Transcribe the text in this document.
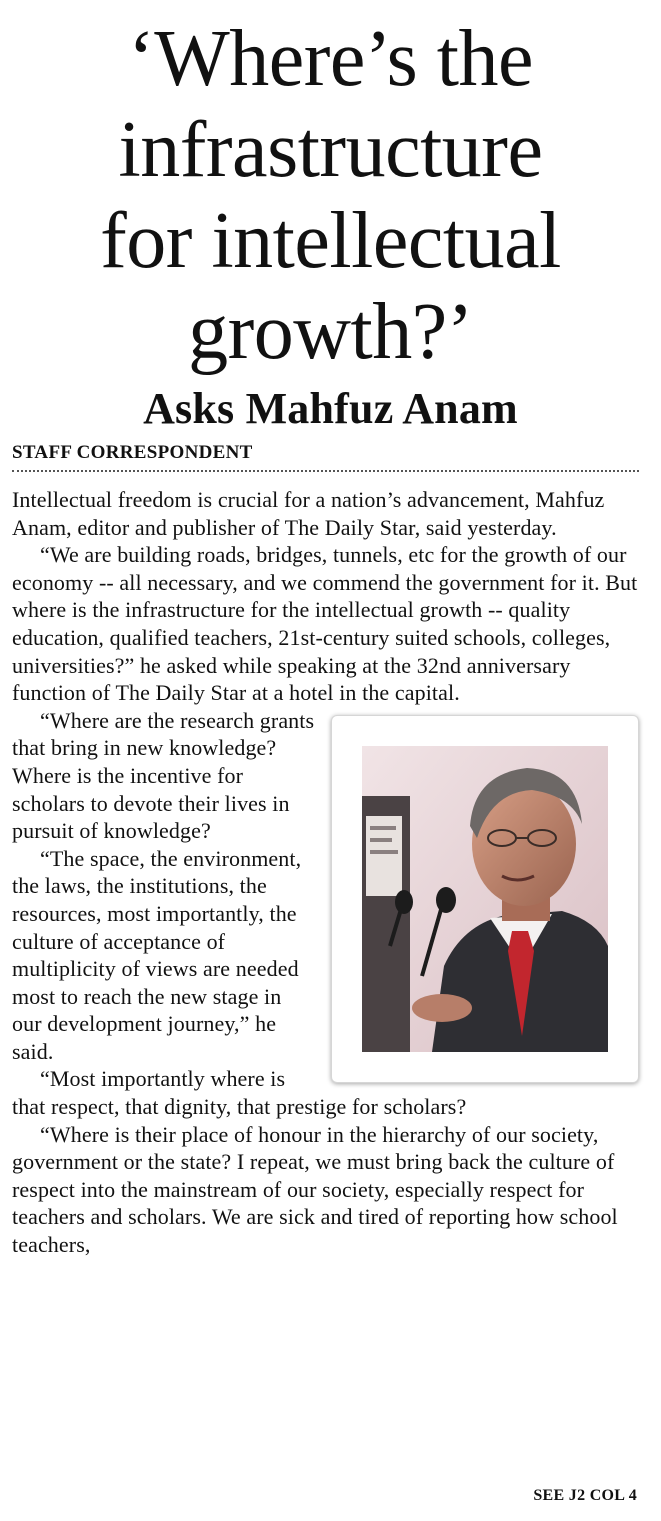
‘Where’s the
infrastructure
for intellectual
growth?’
Asks Mahfuz Anam
STAFF CORRESPONDENT

Intellectual freedom is crucial for a nation’s advancement, Mahfuz Anam, editor and publisher of The Daily Star, said yesterday.

“We are building roads, bridges, tunnels, etc for the growth of our economy -- all necessary, and we commend the government for it. But where is the infrastructure for the intellectual growth -- quality education, qualified teachers, 21st-century suited schools, colleges, universities?” he asked while speaking at the 32nd anniversary function of The Daily Star at a hotel in the capital.

“Where are the research grants that bring in new knowledge? Where is the incentive for scholars to devote their lives in pursuit of knowledge?

“The space, the environment, the laws, the institutions, the resources, most importantly, the culture of acceptance of multiplicity of views are needed most to reach the new stage in our development journey,” he said.

“Most importantly where is that respect, that dignity, that prestige for scholars?

“Where is their place of honour in the hierarchy of our society, government or the state? I repeat, we must bring back the culture of respect into the mainstream of our society, especially respect for teachers and scholars. We are sick and tired of reporting how school teachers,

SEE J2 COL 4
